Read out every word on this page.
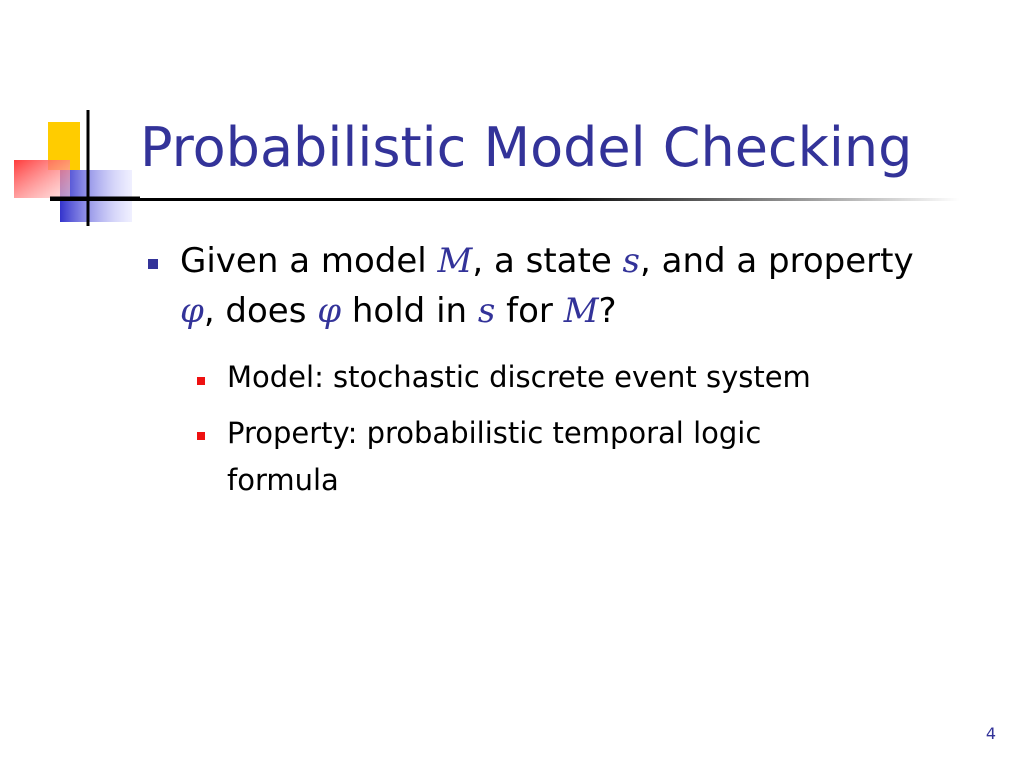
Probabilistic Model Checking
Given a model M, a state s, and a property φ, does φ hold in s for M?
Model: stochastic discrete event system
Property: probabilistic temporal logic formula
4
